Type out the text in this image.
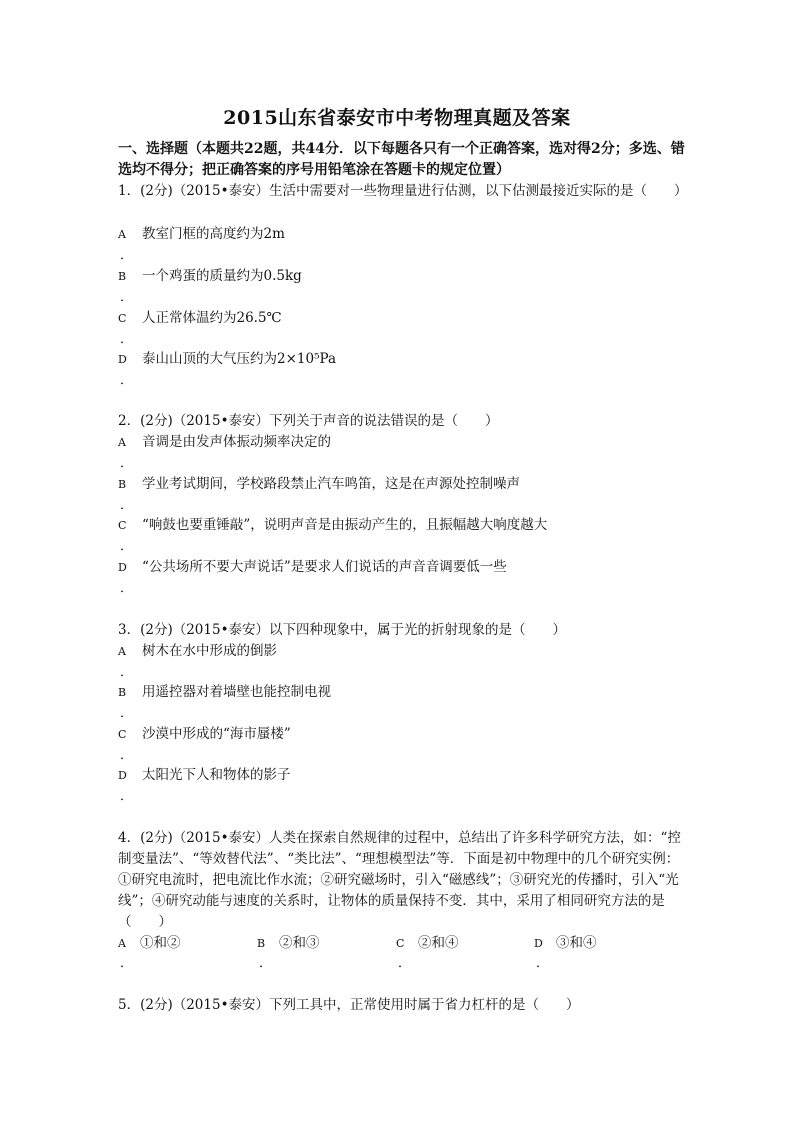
2015山东省泰安市中考物理真题及答案
一、选择题（本题共22题，共44分．以下每题各只有一个正确答案，选对得2分；多选、错选均不得分；把正确答案的序号用铅笔涂在答题卡的规定位置）
1．(2分)（2015•泰安）生活中需要对一些物理量进行估测，以下估测最接近实际的是（　　）
A 教室门框的高度约为2m
．
B 一个鸡蛋的质量约为0.5kg
．
C 人正常体温约为26.5℃
．
D 泰山山顶的大气压约为2×10⁵Pa
．
2．(2分)（2015•泰安）下列关于声音的说法错误的是（　　）
A 音调是由发声体振动频率决定的
．
B 学业考试期间，学校路段禁止汽车鸣笛，这是在声源处控制噪声
．
C “响鼓也要重锤敲”，说明声音是由振动产生的，且振幅越大响度越大
．
D “公共场所不要大声说话”是要求人们说话的声音音调要低一些
．
3．(2分)（2015•泰安）以下四种现象中，属于光的折射现象的是（　　）
A 树木在水中形成的倒影
．
B 用遥控器对着墙壁也能控制电视
．
C 沙漠中形成的“海市蜃楼”
．
D 太阳光下人和物体的影子
．
4．(2分)（2015•泰安）人类在探索自然规律的过程中，总结出了许多科学研究方法，如：“控制变量法”、“等效替代法”、“类比法”、“理想模型法”等．下面是初中物理中的几个研究实例：①研究电流时，把电流比作水流；②研究磁场时，引入“磁感线”；③研究光的传播时，引入“光线”；④研究动能与速度的关系时，让物体的质量保持不变．其中，采用了相同研究方法的是（　　）
A ①和②
．
B ②和③
．
C ②和④
．
D ③和④
．
5．(2分)（2015•泰安）下列工具中，正常使用时属于省力杠杆的是（　　）
